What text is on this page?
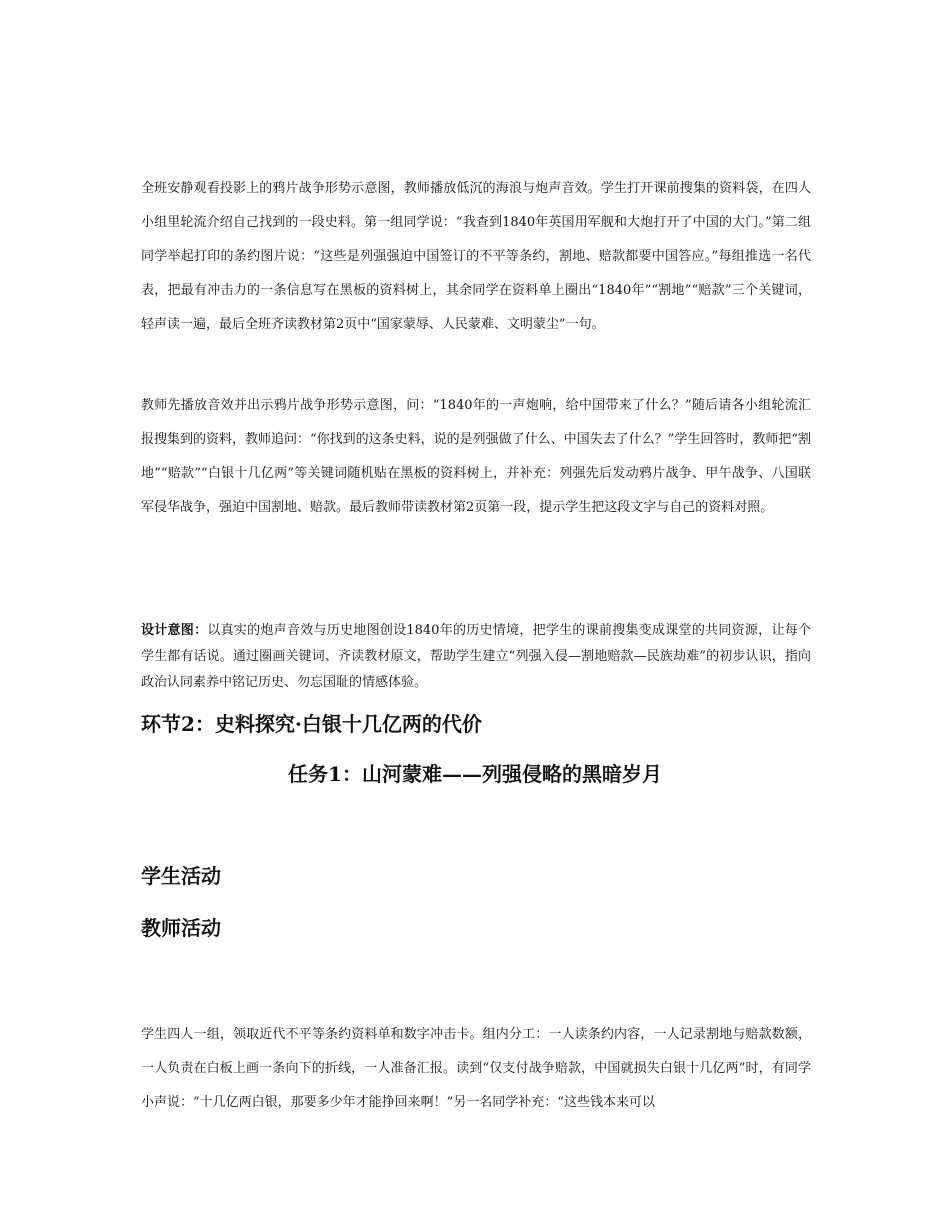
全班安静观看投影上的鸦片战争形势示意图，教师播放低沉的海浪与炮声音效。学生打开课前搜集的资料袋，在四人小组里轮流介绍自己找到的一段史料。第一组同学说：“我查到1840年英国用军舰和大炮打开了中国的大门。”第二组同学举起打印的条约图片说：“这些是列强强迫中国签订的不平等条约，割地、赔款都要中国答应。”每组推选一名代表，把最有冲击力的一条信息写在黑板的资料树上，其余同学在资料单上圈出“1840年”“割地”“赔款”三个关键词，轻声读一遍，最后全班齐读教材第2页中“国家蒙辱、人民蒙难、文明蒙尘”一句。

教师先播放音效并出示鸦片战争形势示意图，问：“1840年的一声炮响，给中国带来了什么？”随后请各小组轮流汇报搜集到的资料，教师追问：“你找到的这条史料，说的是列强做了什么、中国失去了什么？”学生回答时，教师把“割地”“赔款”“白银十几亿两”等关键词随机贴在黑板的资料树上，并补充：列强先后发动鸦片战争、甲午战争、八国联军侵华战争，强迫中国割地、赔款。最后教师带读教材第2页第一段，提示学生把这段文字与自己的资料对照。

设计意图：以真实的炮声音效与历史地图创设1840年的历史情境，把学生的课前搜集变成课堂的共同资源，让每个学生都有话说。通过圈画关键词、齐读教材原文，帮助学生建立“列强入侵—割地赔款—民族劫难”的初步认识，指向政治认同素养中铭记历史、勿忘国耻的情感体验。

环节2：史料探究·白银十几亿两的代价
任务1：山河蒙难——列强侵略的黑暗岁月
学生活动
教师活动

学生四人一组，领取近代不平等条约资料单和数字冲击卡。组内分工：一人读条约内容，一人记录割地与赔款数额，一人负责在白板上画一条向下的折线，一人准备汇报。读到“仅支付战争赔款，中国就损失白银十几亿两”时，有同学小声说：“十几亿两白银，那要多少年才能挣回来啊！”另一名同学补充：“这些钱本来可以
